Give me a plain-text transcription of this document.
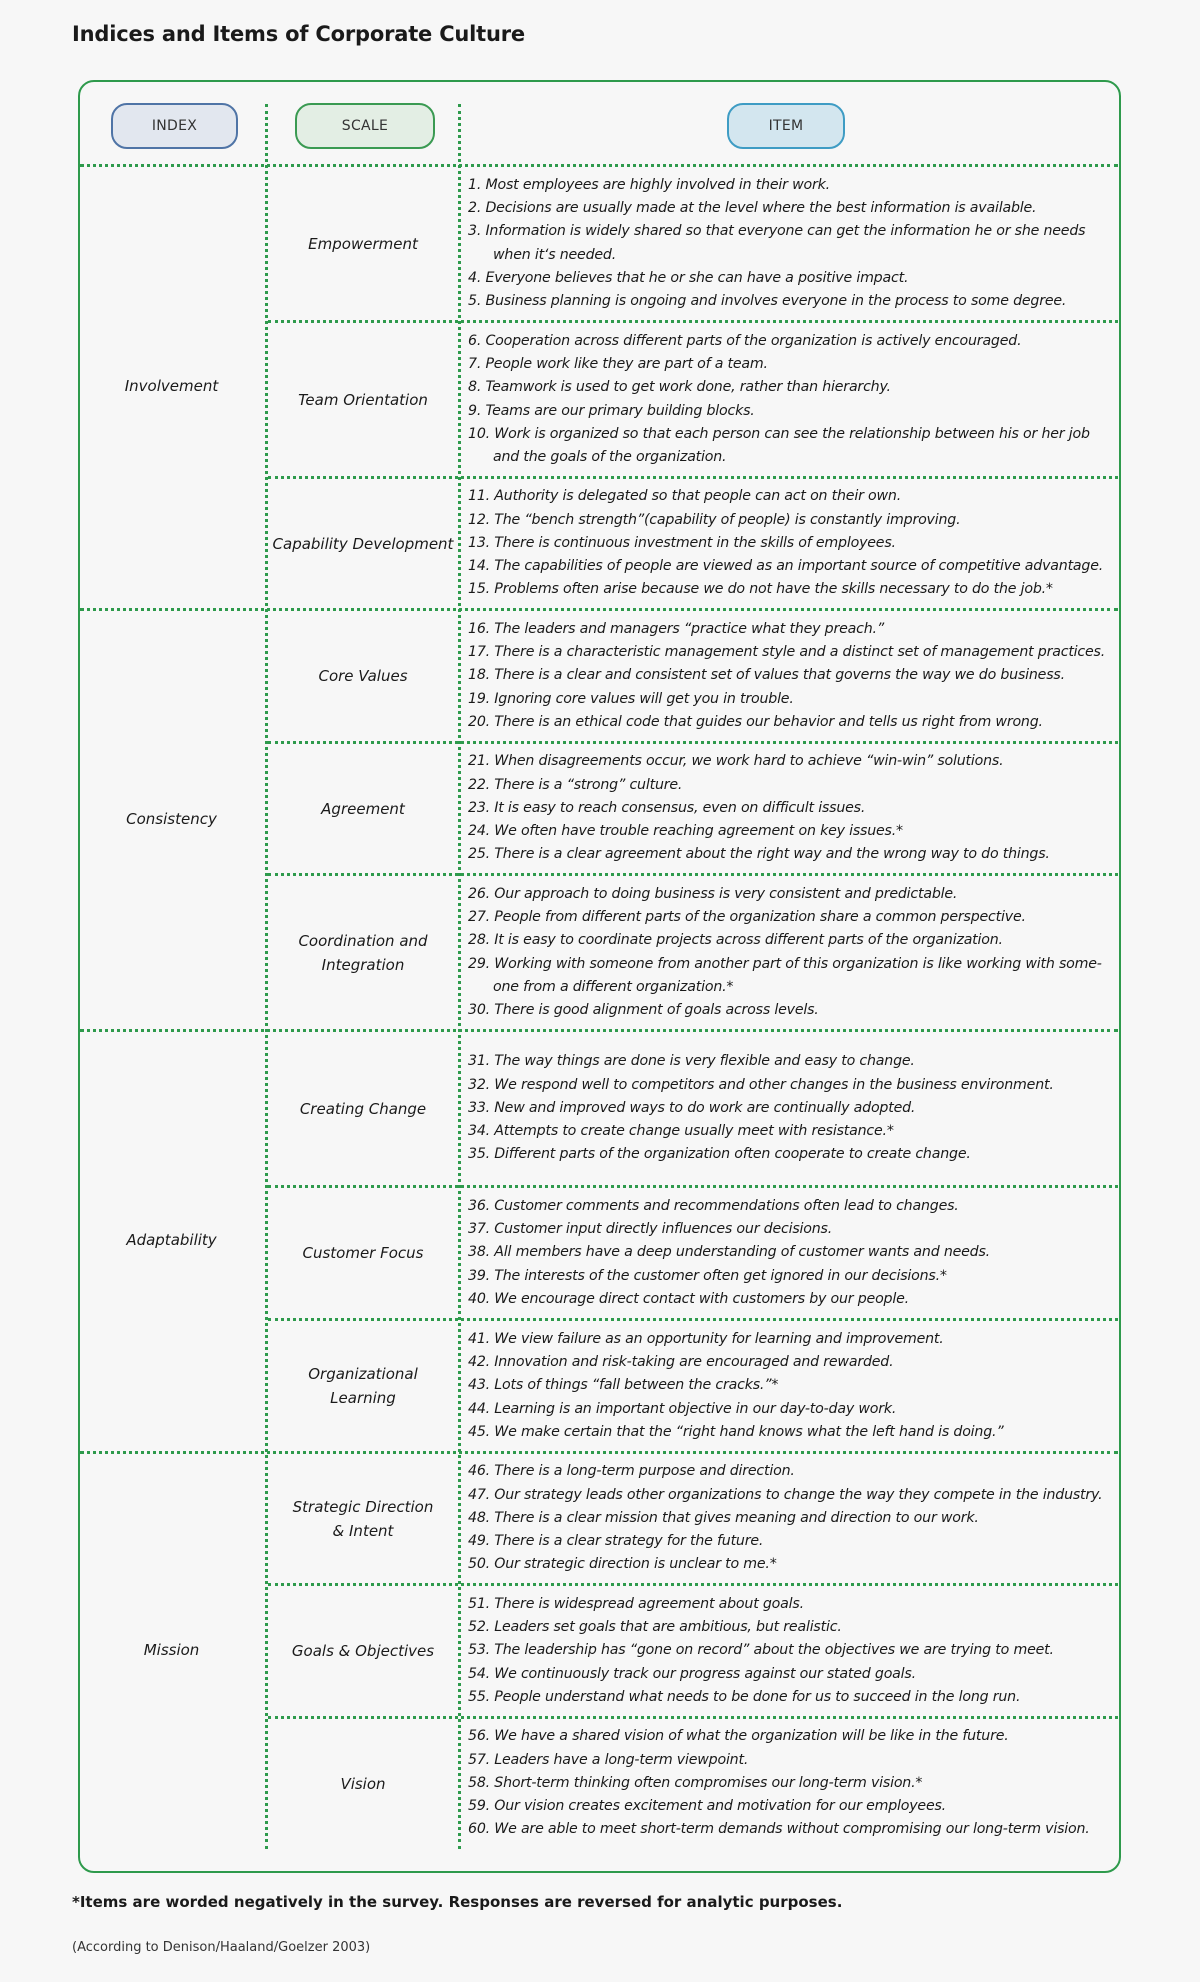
Indices and Items of Corporate Culture
INDEX	SCALE	ITEM
Involvement
Empowerment
1. Most employees are highly involved in their work.
2. Decisions are usually made at the level where the best information is available.
3. Information is widely shared so that everyone can get the information he or she needs when it‘s needed.
4. Everyone believes that he or she can have a positive impact.
5. Business planning is ongoing and involves everyone in the process to some degree.
Team Orientation
6. Cooperation across different parts of the organization is actively encouraged.
7. People work like they are part of a team.
8. Teamwork is used to get work done, rather than hierarchy.
9. Teams are our primary building blocks.
10. Work is organized so that each person can see the relationship between his or her job and the goals of the organization.
Capability Development
11. Authority is delegated so that people can act on their own.
12. The “bench strength”(capability of people) is constantly improving.
13. There is continuous investment in the skills of employees.
14. The capabilities of people are viewed as an important source of competitive advantage.
15. Problems often arise because we do not have the skills necessary to do the job.*
Consistency
Core Values
16. The leaders and managers “practice what they preach.”
17. There is a characteristic management style and a distinct set of management practices.
18. There is a clear and consistent set of values that governs the way we do business.
19. Ignoring core values will get you in trouble.
20. There is an ethical code that guides our behavior and tells us right from wrong.
Agreement
21. When disagreements occur, we work hard to achieve “win-win” solutions.
22. There is a “strong” culture.
23. It is easy to reach consensus, even on difficult issues.
24. We often have trouble reaching agreement on key issues.*
25. There is a clear agreement about the right way and the wrong way to do things.
Coordination and Integration
26. Our approach to doing business is very consistent and predictable.
27. People from different parts of the organization share a common perspective.
28. It is easy to coordinate projects across different parts of the organization.
29. Working with someone from another part of this organization is like working with some-one from a different organization.*
30. There is good alignment of goals across levels.
Adaptability
Creating Change
31. The way things are done is very flexible and easy to change.
32. We respond well to competitors and other changes in the business environment.
33. New and improved ways to do work are continually adopted.
34. Attempts to create change usually meet with resistance.*
35. Different parts of the organization often cooperate to create change.
Customer Focus
36. Customer comments and recommendations often lead to changes.
37. Customer input directly influences our decisions.
38. All members have a deep understanding of customer wants and needs.
39. The interests of the customer often get ignored in our decisions.*
40. We encourage direct contact with customers by our people.
Organizational Learning
41. We view failure as an opportunity for learning and improvement.
42. Innovation and risk-taking are encouraged and rewarded.
43. Lots of things “fall between the cracks.”*
44. Learning is an important objective in our day-to-day work.
45. We make certain that the “right hand knows what the left hand is doing.”
Mission
Strategic Direction & Intent
46. There is a long-term purpose and direction.
47. Our strategy leads other organizations to change the way they compete in the industry.
48. There is a clear mission that gives meaning and direction to our work.
49. There is a clear strategy for the future.
50. Our strategic direction is unclear to me.*
Goals & Objectives
51. There is widespread agreement about goals.
52. Leaders set goals that are ambitious, but realistic.
53. The leadership has “gone on record” about the objectives we are trying to meet.
54. We continuously track our progress against our stated goals.
55. People understand what needs to be done for us to succeed in the long run.
Vision
56. We have a shared vision of what the organization will be like in the future.
57. Leaders have a long-term viewpoint.
58. Short-term thinking often compromises our long-term vision.*
59. Our vision creates excitement and motivation for our employees.
60. We are able to meet short-term demands without compromising our long-term vision.
*Items are worded negatively in the survey. Responses are reversed for analytic purposes.
(According to Denison/Haaland/Goelzer 2003)
